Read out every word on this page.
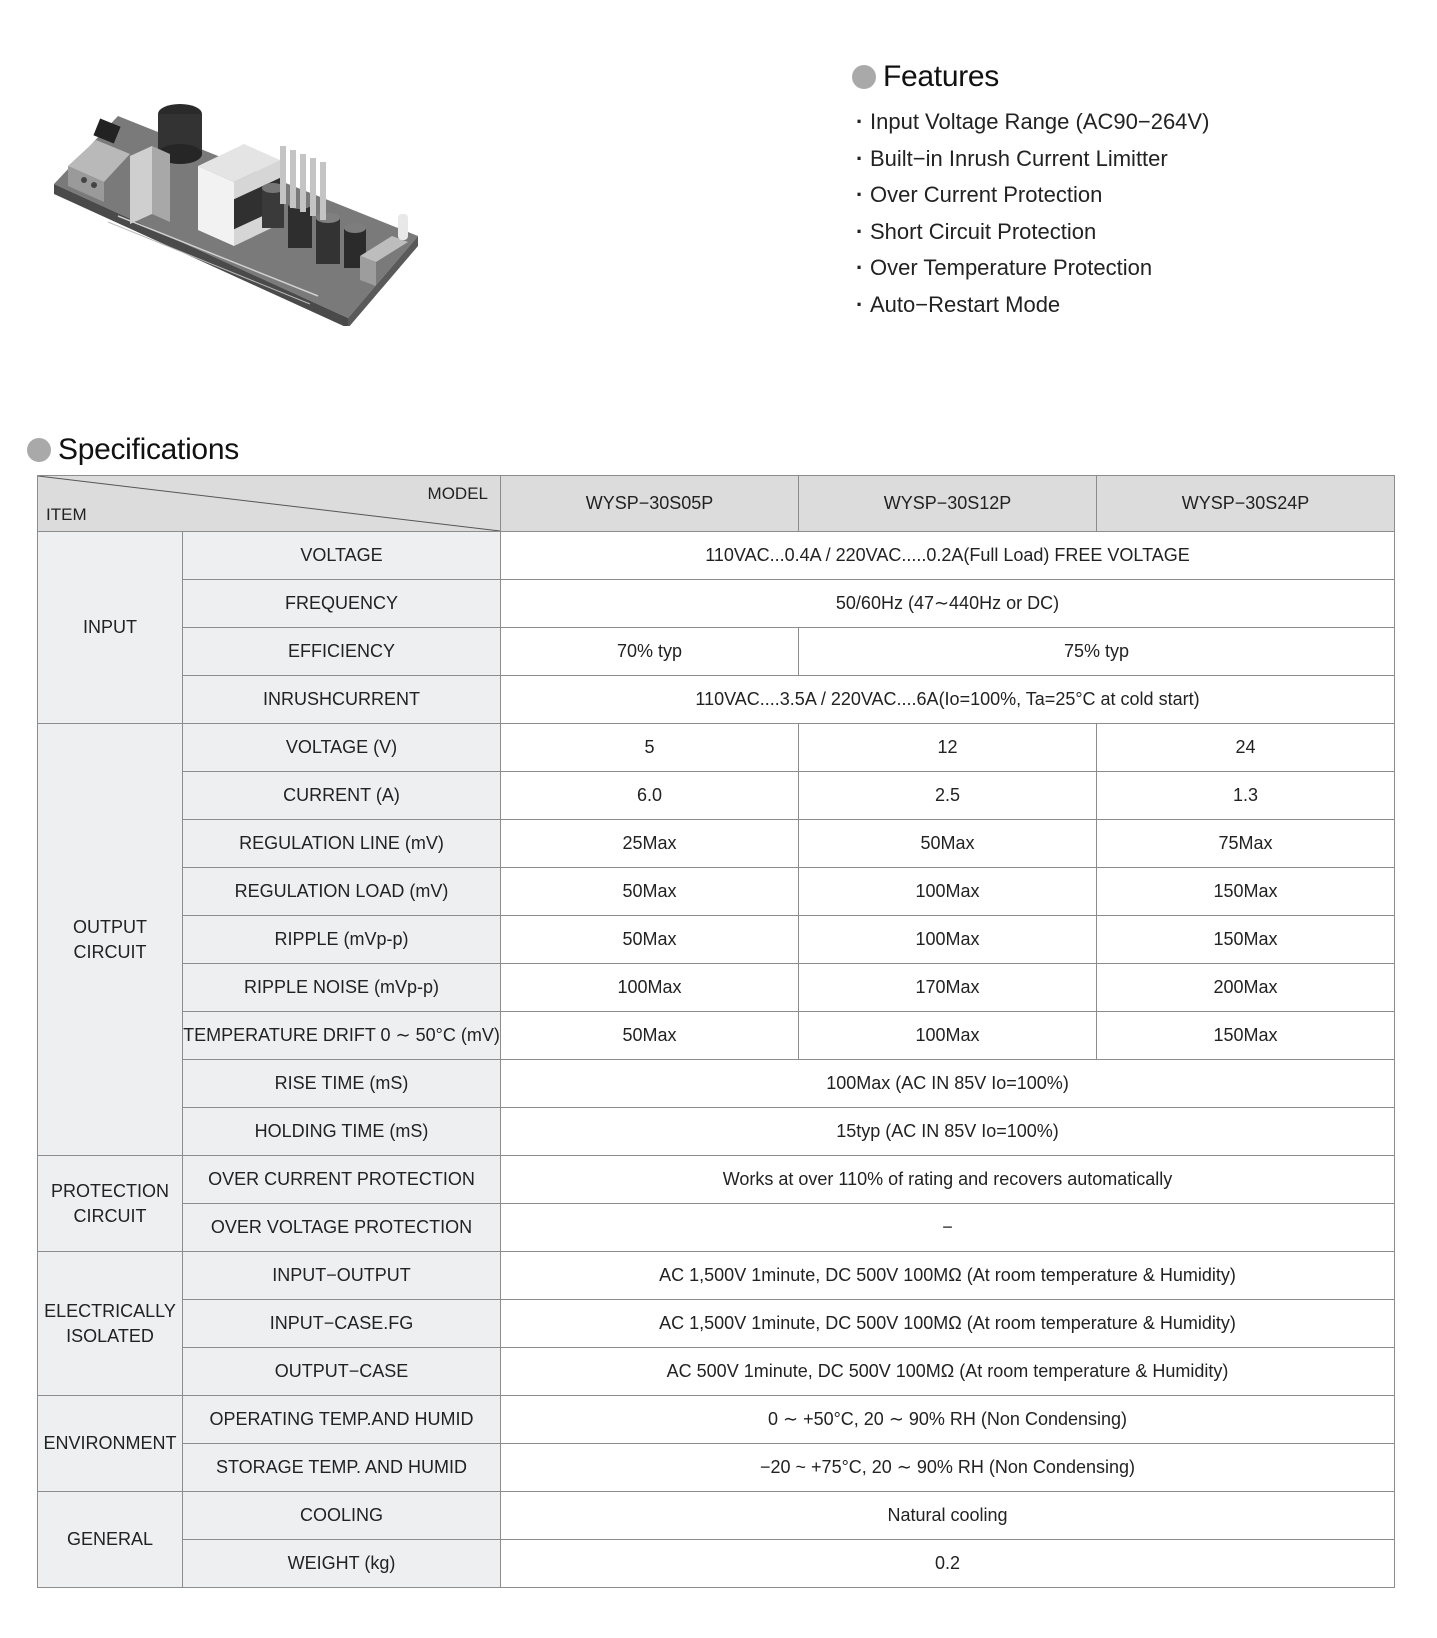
Features
· Input Voltage Range (AC90−264V)
· Built−in Inrush Current Limitter
· Over Current Protection
· Short Circuit Protection
· Over Temperature Protection
· Auto−Restart Mode
Specifications
MODEL
ITEM		WYSP−30S05P	WYSP−30S12P	WYSP−30S24P
INPUT	VOLTAGE	110VAC...0.4A / 220VAC.....0.2A(Full Load) FREE VOLTAGE		
	FREQUENCY	50/60Hz (47∼440Hz or DC)		
	EFFICIENCY	70% typ	75% typ	
	INRUSHCURRENT	110VAC....3.5A / 220VAC....6A(Io=100%, Ta=25°C at cold start)		
OUTPUT CIRCUIT	VOLTAGE (V)	5	12	24
	CURRENT (A)	6.0	2.5	1.3
	REGULATION LINE (mV)	25Max	50Max	75Max
	REGULATION LOAD (mV)	50Max	100Max	150Max
	RIPPLE (mVp-p)	50Max	100Max	150Max
	RIPPLE NOISE (mVp-p)	100Max	170Max	200Max
	TEMPERATURE DRIFT 0 ∼ 50°C (mV)	50Max	100Max	150Max
	RISE TIME (mS)	100Max (AC IN 85V Io=100%)		
	HOLDING TIME (mS)	15typ (AC IN 85V Io=100%)		
PROTECTION CIRCUIT	OVER CURRENT PROTECTION	Works at over 110% of rating and recovers automatically		
	OVER VOLTAGE PROTECTION	−		
ELECTRICALLY ISOLATED	INPUT−OUTPUT	AC 1,500V 1minute, DC 500V 100MΩ (At room temperature & Humidity)		
	INPUT−CASE.FG	AC 1,500V 1minute, DC 500V 100MΩ (At room temperature & Humidity)		
	OUTPUT−CASE	AC 500V 1minute, DC 500V 100MΩ (At room temperature & Humidity)		
ENVIRONMENT	OPERATING TEMP.AND HUMID	0 ∼ +50°C, 20 ∼ 90% RH (Non Condensing)		
	STORAGE TEMP. AND HUMID	−20 ~ +75°C, 20 ∼ 90% RH (Non Condensing)		
GENERAL	COOLING	Natural cooling		
	WEIGHT (kg)	0.2		
